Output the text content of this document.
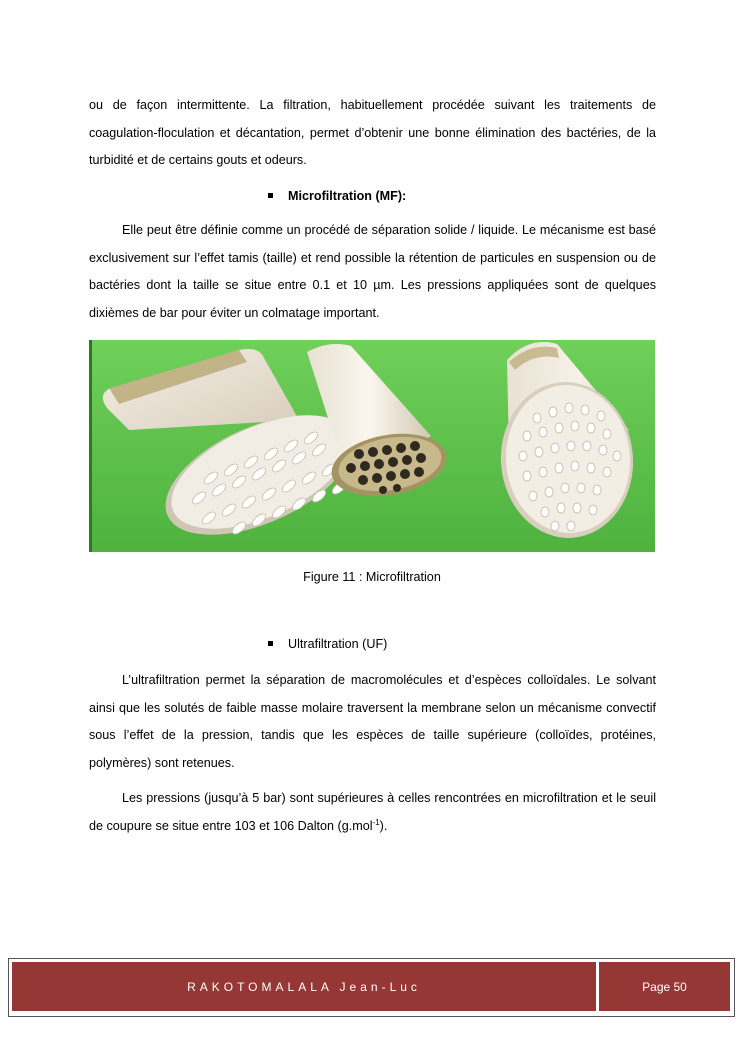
ou de façon intermittente. La filtration, habituellement procédée suivant les traitements de coagulation-floculation et décantation, permet d’obtenir une bonne élimination des bactéries, de la turbidité et de certains gouts et odeurs.

Microfiltration (MF):

Elle peut être définie comme un procédé de séparation solide / liquide. Le mécanisme est basé exclusivement sur l’effet tamis (taille) et rend possible la rétention de particules en suspension ou de bactéries dont la taille se situe entre 0.1 et 10 µm. Les pressions appliquées sont de quelques dixièmes de bar pour éviter un colmatage important.

Figure 11 : Microfiltration

Ultrafiltration (UF)

L’ultrafiltration permet la séparation de macromolécules et d’espèces colloïdales. Le solvant ainsi que les solutés de faible masse molaire traversent la membrane selon un mécanisme convectif sous l’effet de la pression, tandis que les espèces de taille supérieure (colloïdes, protéines, polymères) sont retenues.

Les pressions (jusqu’à 5 bar) sont supérieures à celles rencontrées en microfiltration et le seuil de coupure se situe entre 103 et 106 Dalton (g.mol$^{-1}$).

RAKOTOMALALA Jean-Luc	Page 50
